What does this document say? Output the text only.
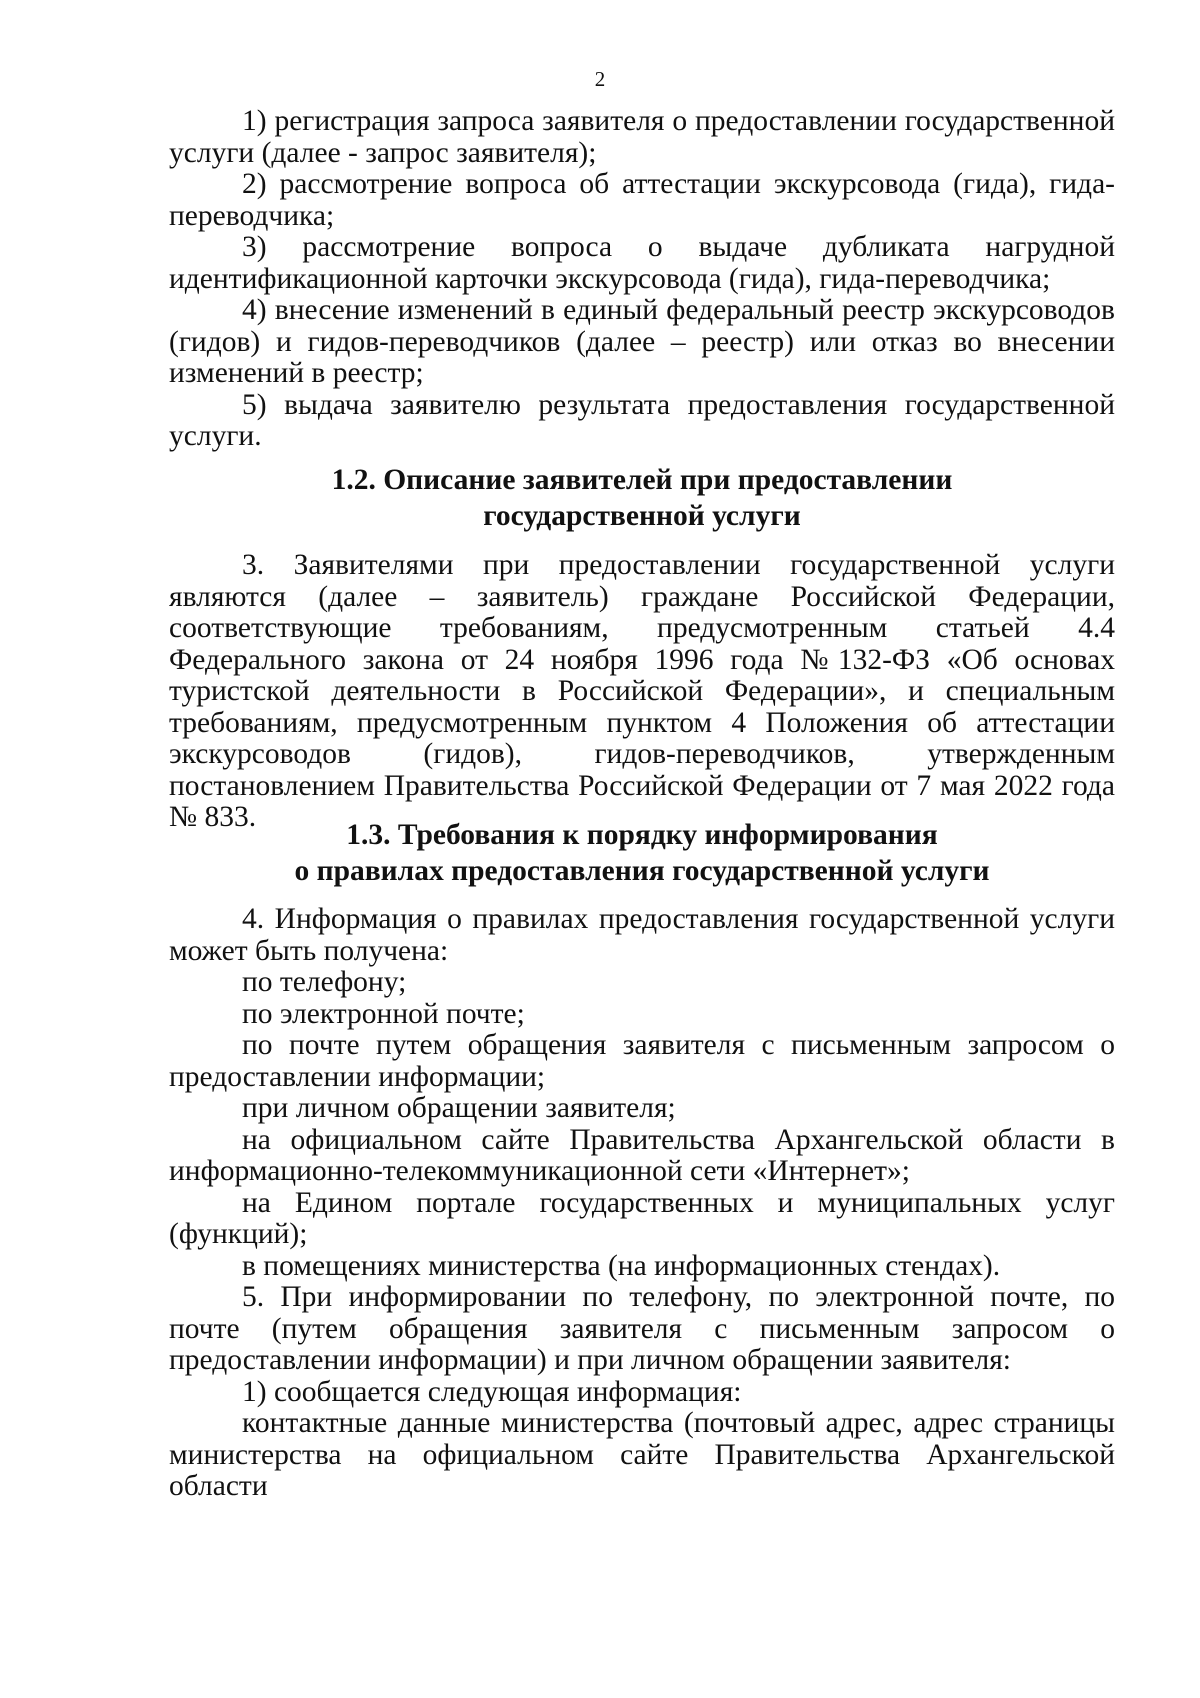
2

1) регистрация запроса заявителя о предоставлении государственной услуги (далее - запрос заявителя);

2) рассмотрение вопроса об аттестации экскурсовода (гида), гида-переводчика;

3) рассмотрение вопроса о выдаче дубликата нагрудной идентификационной карточки экскурсовода (гида), гида-переводчика;

4) внесение изменений в единый федеральный реестр экскурсоводов (гидов) и гидов-переводчиков (далее – реестр) или отказ во внесении изменений в реестр;

5) выдача заявителю результата предоставления государственной услуги.

1.2. Описание заявителей при предоставлении
государственной услуги

3. Заявителями при предоставлении государственной услуги являются (далее – заявитель) граждане Российской Федерации, соответствующие требованиям, предусмотренным статьей 4.4 Федерального закона от 24 ноября 1996 года №132-ФЗ «Об основах туристской деятельности в Российской Федерации», и специальным требованиям, предусмотренным пунктом 4 Положения об аттестации экскурсоводов (гидов), гидов-переводчиков, утвержденным постановлением Правительства Российской Федерации от 7 мая 2022 года № 833.

1.3. Требования к порядку информирования
о правилах предоставления государственной услуги

4. Информация о правилах предоставления государственной услуги может быть получена:

по телефону;

по электронной почте;

по почте путем обращения заявителя с письменным запросом о предоставлении информации;

при личном обращении заявителя;

на официальном сайте Правительства Архангельской области в информационно-телекоммуникационной сети «Интернет»;

на Едином портале государственных и муниципальных услуг (функций);

в помещениях министерства (на информационных стендах).

5. При информировании по телефону, по электронной почте, по почте (путем обращения заявителя с письменным запросом о предоставлении информации) и при личном обращении заявителя:

1) сообщается следующая информация:

контактные данные министерства (почтовый адрес, адрес страницы министерства на официальном сайте Правительства Архангельской области
